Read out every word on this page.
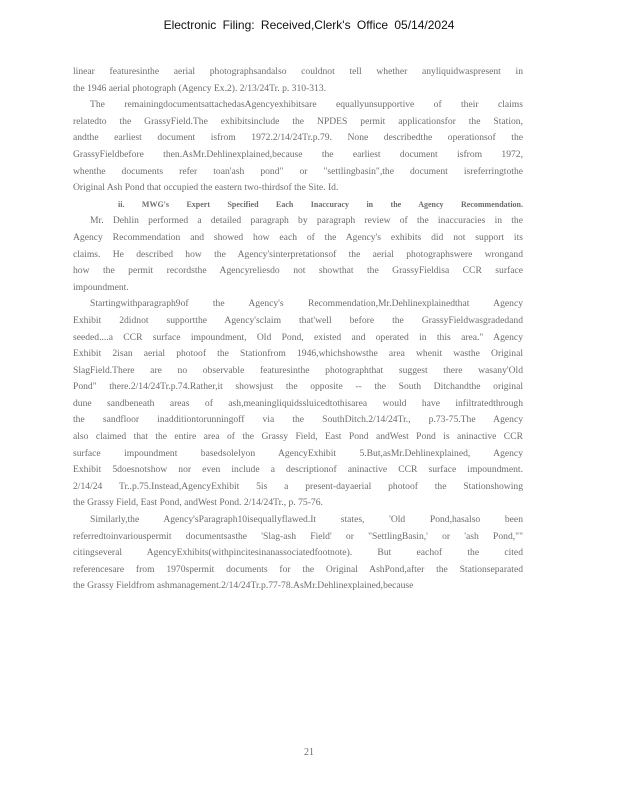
Electronic Filing: Received,Clerk's Office 05/14/2024
linear featuresinthe aerial photographsandalso couldnot tell whether anyliquidwaspresent in
the 1946 aerial photograph (Agency Ex.2). 2/13/24Tr. p. 310-313.
The remainingdocumentsattachedasAgencyexhibitsare equallyunsupportive of their claims
relatedto the GrassyField.The exhibitsinclude the NPDES permit applicationsfor the Station,
andthe earliest document isfrom 1972.2/14/24Tr.p.79. None describedthe operationsof the
GrassyFieldbefore then.AsMr.Dehlinexplained,because the earliest document isfrom 1972,
whenthe documents refer toan'ash pond" or "settlingbasin",the document isreferringtothe
Original Ash Pond that occupied the eastern two-thirdsof the Site. Id.
ii. MWG's Expert Specified Each Inaccuracy in the Agency Recommendation.
Mr. Dehlin performed a detailed paragraph by paragraph review of the inaccuracies in the
Agency Recommendation and showed how each of the Agency's exhibits did not support its
claims. He described how the Agency'sinterpretationsof the aerial photographswere wrongand
how the permit recordsthe Agencyreliesdo not showthat the GrassyFieldisa CCR surface
impoundment.
Startingwithparagraph9of the Agency's Recommendation,Mr.Dehlinexplainedthat Agency
Exhibit 2didnot supportthe Agency'sclaim that'well before the GrassyFieldwasgradedand
seeded....a CCR surface impoundment, Old Pond, existed and operated in this area." Agency
Exhibit 2isan aerial photoof the Stationfrom 1946,whichshowsthe area whenit wasthe Original
SlagField.There are no observable featuresinthe photographthat suggest there wasany'Old
Pond" there.2/14/24Tr.p.74.Rather,it showsjust the opposite -- the South Ditchandthe original
dune sandbeneath areas of ash,meaningliquidssluicedtothisarea would have infiltratedthrough
the sandfloor inadditiontorunningoff via the SouthDitch.2/14/24Tr., p.73-75.The Agency
also claimed that the entire area of the Grassy Field, East Pond andWest Pond is aninactive CCR
surface impoundment basedsolelyon AgencyExhibit 5.But,asMr.Dehlinexplained, Agency
Exhibit 5doesnotshow nor even include a descriptionof aninactive CCR surface impoundment.
2/14/24 Tr..p.75.Instead,AgencyExhibit 5is a present-dayaerial photoof the Stationshowing
the Grassy Field, East Pond, andWest Pond. 2/14/24Tr., p. 75-76.
Similarly,the Agency'sParagraph10isequallyflawed.It states, 'Old Pond,hasalso been
referredtoinvariouspermit documentsasthe 'Slag-ash Field' or "SettlingBasin,' or 'ash Pond,""
citingseveral AgencyExhibits(withpincitesinanassociatedfootnote). But eachof the cited
referencesare from 1970spermit documents for the Original AshPond,after the Stationseparated
the Grassy Fieldfrom ashmanagement.2/14/24Tr.p.77-78.AsMr.Dehlinexplained,because
21
